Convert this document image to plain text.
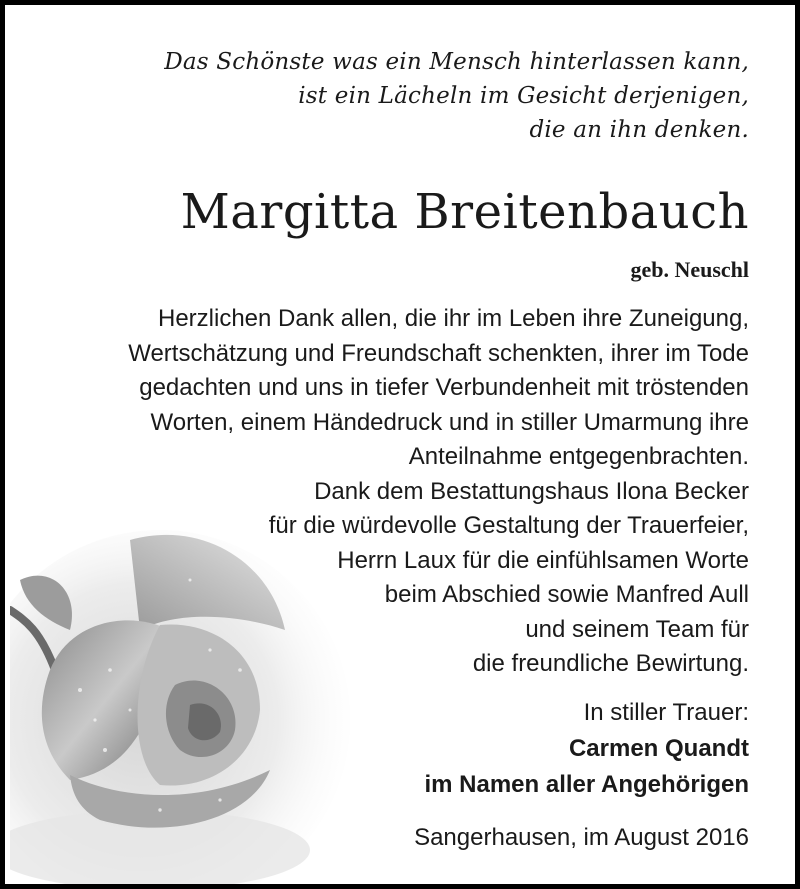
Das Schönste was ein Mensch hinterlassen kann,
ist ein Lächeln im Gesicht derjenigen,
die an ihn denken.
Margitta Breitenbauch
geb. Neuschl
Herzlichen Dank allen, die ihr im Leben ihre Zuneigung,
Wertschätzung und Freundschaft schenkten, ihrer im Tode
gedachten und uns in tiefer Verbundenheit mit tröstenden
Worten, einem Händedruck und in stiller Umarmung ihre
Anteilnahme entgegenbrachten.
Dank dem Bestattungshaus Ilona Becker
für die würdevolle Gestaltung der Trauerfeier,
Herrn Laux für die einfühlsamen Worte
beim Abschied sowie Manfred Aull
und seinem Team für
die freundliche Bewirtung.
In stiller Trauer:
Carmen Quandt
im Namen aller Angehörigen
Sangerhausen, im August 2016
